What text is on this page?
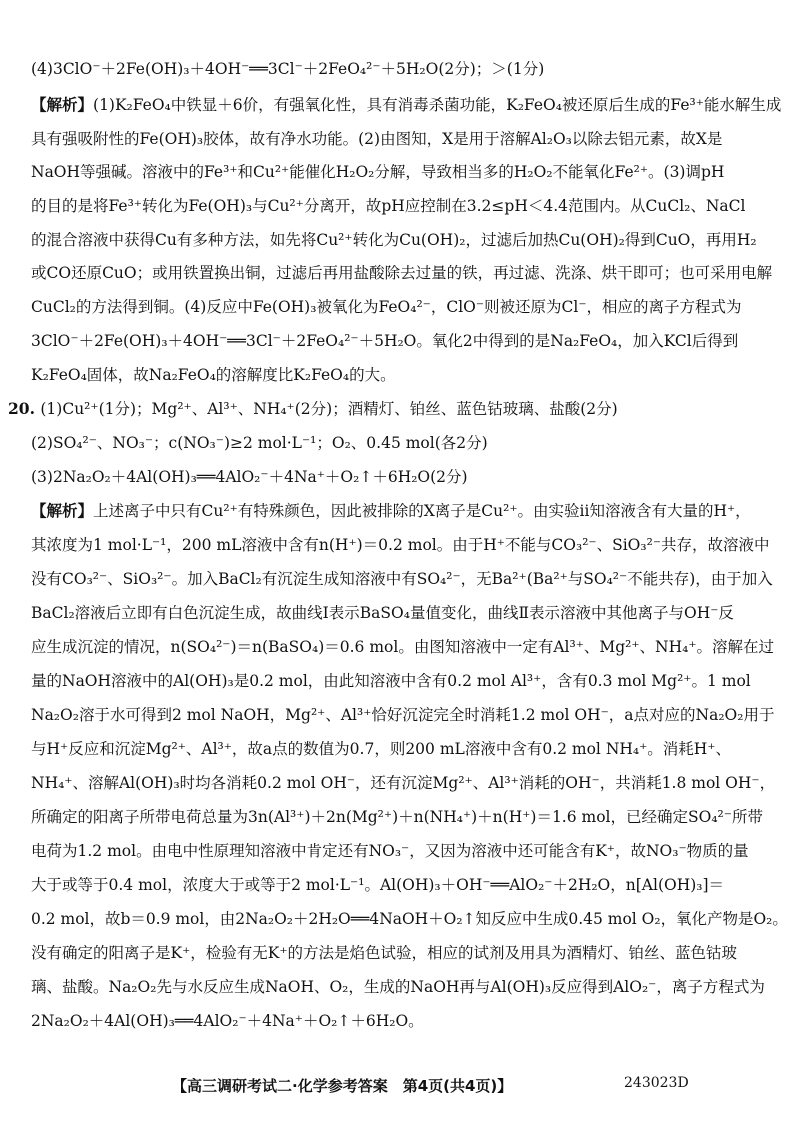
(4)3ClO⁻＋2Fe(OH)₃＋4OH⁻══3Cl⁻＋2FeO₄²⁻＋5H₂O(2分)；＞(1分)
【解析】(1)K₂FeO₄中铁显＋6价，有强氧化性，具有消毒杀菌功能，K₂FeO₄被还原后生成的Fe³⁺能水解生成
具有强吸附性的Fe(OH)₃胶体，故有净水功能。(2)由图知，X是用于溶解Al₂O₃以除去铝元素，故X是
NaOH等强碱。溶液中的Fe³⁺和Cu²⁺能催化H₂O₂分解，导致相当多的H₂O₂不能氧化Fe²⁺。(3)调pH
的目的是将Fe³⁺转化为Fe(OH)₃与Cu²⁺分离开，故pH应控制在3.2≤pH＜4.4范围内。从CuCl₂、NaCl
的混合溶液中获得Cu有多种方法，如先将Cu²⁺转化为Cu(OH)₂，过滤后加热Cu(OH)₂得到CuO，再用H₂
或CO还原CuO；或用铁置换出铜，过滤后再用盐酸除去过量的铁，再过滤、洗涤、烘干即可；也可采用电解
CuCl₂的方法得到铜。(4)反应中Fe(OH)₃被氧化为FeO₄²⁻，ClO⁻则被还原为Cl⁻，相应的离子方程式为
3ClO⁻＋2Fe(OH)₃＋4OH⁻══3Cl⁻＋2FeO₄²⁻＋5H₂O。氧化2中得到的是Na₂FeO₄，加入KCl后得到
K₂FeO₄固体，故Na₂FeO₄的溶解度比K₂FeO₄的大。
20. (1)Cu²⁺(1分)；Mg²⁺、Al³⁺、NH₄⁺(2分)；酒精灯、铂丝、蓝色钴玻璃、盐酸(2分)
(2)SO₄²⁻、NO₃⁻；c(NO₃⁻)≥2 mol·L⁻¹；O₂、0.45 mol(各2分)
(3)2Na₂O₂＋4Al(OH)₃══4AlO₂⁻＋4Na⁺＋O₂↑＋6H₂O(2分)
【解析】上述离子中只有Cu²⁺有特殊颜色，因此被排除的X离子是Cu²⁺。由实验ⅱ知溶液含有大量的H⁺，
其浓度为1 mol·L⁻¹，200 mL溶液中含有n(H⁺)＝0.2 mol。由于H⁺不能与CO₃²⁻、SiO₃²⁻共存，故溶液中
没有CO₃²⁻、SiO₃²⁻。加入BaCl₂有沉淀生成知溶液中有SO₄²⁻，无Ba²⁺(Ba²⁺与SO₄²⁻不能共存)，由于加入
BaCl₂溶液后立即有白色沉淀生成，故曲线Ⅰ表示BaSO₄量值变化，曲线Ⅱ表示溶液中其他离子与OH⁻反
应生成沉淀的情况，n(SO₄²⁻)＝n(BaSO₄)＝0.6 mol。由图知溶液中一定有Al³⁺、Mg²⁺、NH₄⁺。溶解在过
量的NaOH溶液中的Al(OH)₃是0.2 mol，由此知溶液中含有0.2 mol Al³⁺，含有0.3 mol Mg²⁺。1 mol
Na₂O₂溶于水可得到2 mol NaOH，Mg²⁺、Al³⁺恰好沉淀完全时消耗1.2 mol OH⁻，a点对应的Na₂O₂用于
与H⁺反应和沉淀Mg²⁺、Al³⁺，故a点的数值为0.7，则200 mL溶液中含有0.2 mol NH₄⁺。消耗H⁺、
NH₄⁺、溶解Al(OH)₃时均各消耗0.2 mol OH⁻，还有沉淀Mg²⁺、Al³⁺消耗的OH⁻，共消耗1.8 mol OH⁻，
所确定的阳离子所带电荷总量为3n(Al³⁺)＋2n(Mg²⁺)＋n(NH₄⁺)＋n(H⁺)＝1.6 mol，已经确定SO₄²⁻所带
电荷为1.2 mol。由电中性原理知溶液中肯定还有NO₃⁻，又因为溶液中还可能含有K⁺，故NO₃⁻物质的量
大于或等于0.4 mol，浓度大于或等于2 mol·L⁻¹。Al(OH)₃＋OH⁻══AlO₂⁻＋2H₂O，n[Al(OH)₃]＝
0.2 mol，故b＝0.9 mol，由2Na₂O₂＋2H₂O══4NaOH＋O₂↑知反应中生成0.45 mol O₂，氧化产物是O₂。
没有确定的阳离子是K⁺，检验有无K⁺的方法是焰色试验，相应的试剂及用具为酒精灯、铂丝、蓝色钴玻
璃、盐酸。Na₂O₂先与水反应生成NaOH、O₂，生成的NaOH再与Al(OH)₃反应得到AlO₂⁻，离子方程式为
2Na₂O₂＋4Al(OH)₃══4AlO₂⁻＋4Na⁺＋O₂↑＋6H₂O。
【高三调研考试二·化学参考答案　第4页(共4页)】	243023D
